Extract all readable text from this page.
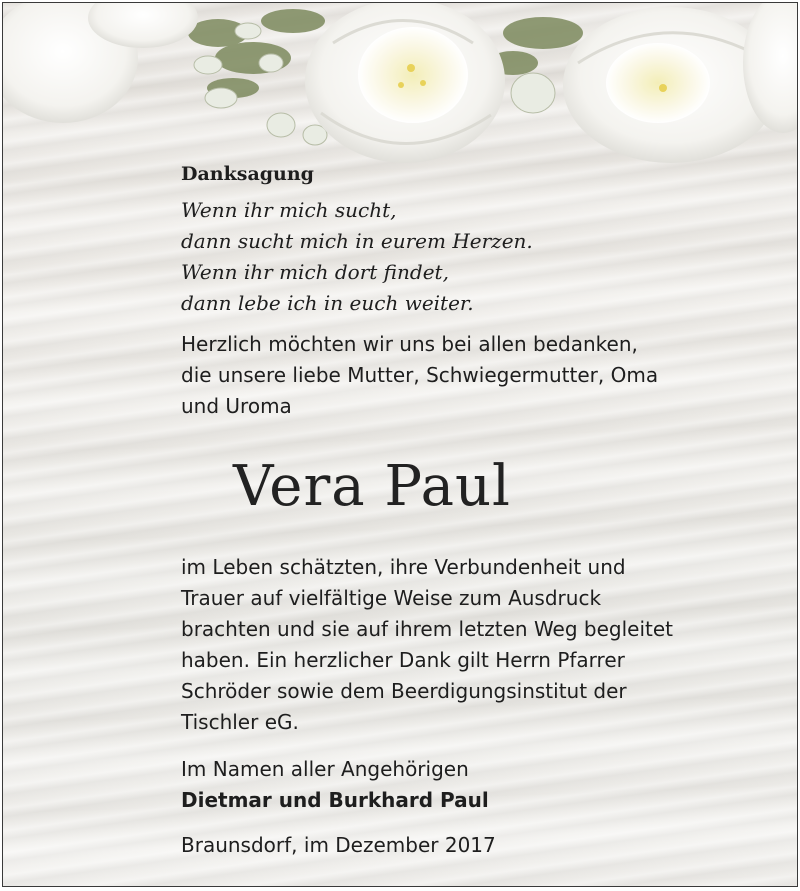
Danksagung
Wenn ihr mich sucht,
dann sucht mich in eurem Herzen.
Wenn ihr mich dort findet,
dann lebe ich in euch weiter.
Herzlich möchten wir uns bei allen bedanken,
die unsere liebe Mutter, Schwiegermutter, Oma
und Uroma
Vera Paul
im Leben schätzten, ihre Verbundenheit und
Trauer auf vielfältige Weise zum Ausdruck
brachten und sie auf ihrem letzten Weg begleitet
haben. Ein herzlicher Dank gilt Herrn Pfarrer
Schröder sowie dem Beerdigungsinstitut der
Tischler eG.
Im Namen aller Angehörigen
Dietmar und Burkhard Paul
Braunsdorf, im Dezember 2017
